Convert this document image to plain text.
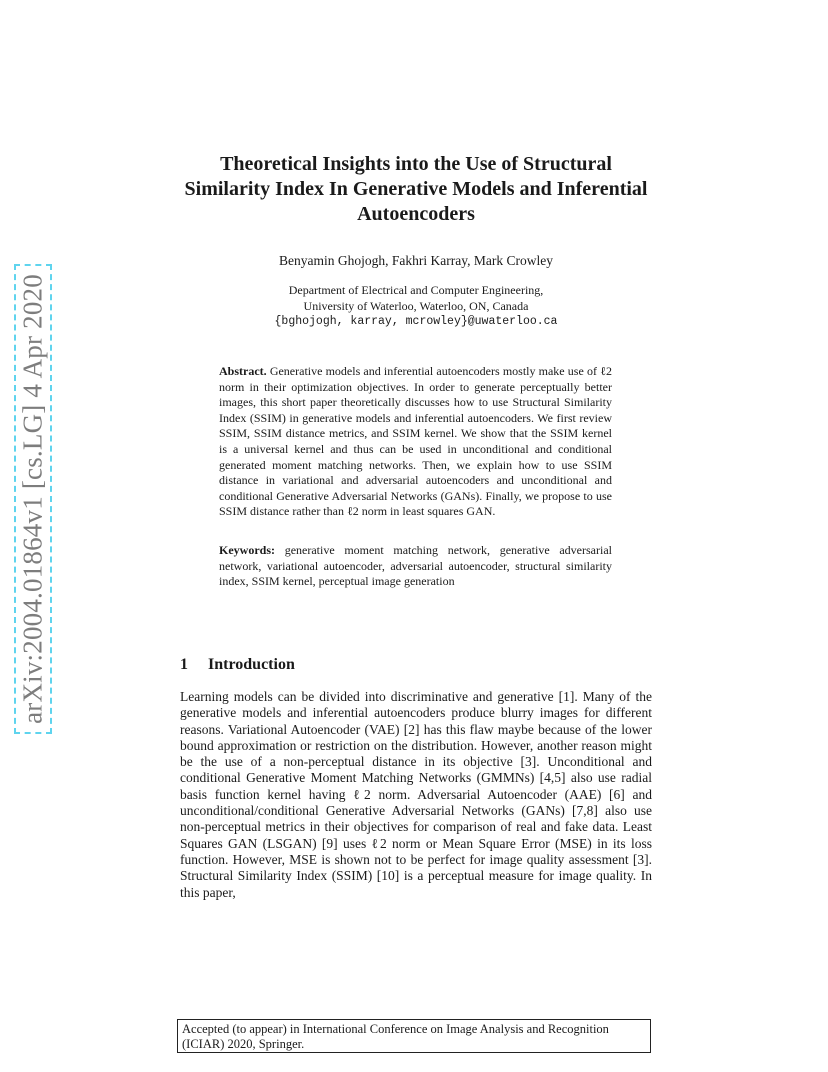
arXiv:2004.01864v1 [cs.LG] 4 Apr 2020
Theoretical Insights into the Use of Structural Similarity Index In Generative Models and Inferential Autoencoders
Benyamin Ghojogh, Fakhri Karray, Mark Crowley
Department of Electrical and Computer Engineering,
University of Waterloo, Waterloo, ON, Canada
{bghojogh, karray, mcrowley}@uwaterloo.ca
Abstract. Generative models and inferential autoencoders mostly make use of ℓ2 norm in their optimization objectives. In order to generate perceptually better images, this short paper theoretically discusses how to use Structural Similarity Index (SSIM) in generative models and inferential autoencoders. We first review SSIM, SSIM distance metrics, and SSIM kernel. We show that the SSIM kernel is a universal kernel and thus can be used in unconditional and conditional generated moment matching networks. Then, we explain how to use SSIM distance in variational and adversarial autoencoders and unconditional and conditional Generative Adversarial Networks (GANs). Finally, we propose to use SSIM distance rather than ℓ2 norm in least squares GAN.
Keywords: generative moment matching network, generative adversarial network, variational autoencoder, adversarial autoencoder, structural similarity index, SSIM kernel, perceptual image generation
1 Introduction

Learning models can be divided into discriminative and generative [1]. Many of the generative models and inferential autoencoders produce blurry images for different reasons. Variational Autoencoder (VAE) [2] has this flaw maybe because of the lower bound approximation or restriction on the distribution. However, another reason might be the use of a non-perceptual distance in its objective [3]. Unconditional and conditional Generative Moment Matching Networks (GMMNs) [4,5] also use radial basis function kernel having ℓ2 norm. Adversarial Autoencoder (AAE) [6] and unconditional/conditional Generative Adversarial Networks (GANs) [7,8] also use non-perceptual metrics in their objectives for comparison of real and fake data. Least Squares GAN (LSGAN) [9] uses ℓ2 norm or Mean Square Error (MSE) in its loss function. However, MSE is shown not to be perfect for image quality assessment [3]. Structural Similarity Index (SSIM) [10] is a perceptual measure for image quality. In this paper,

Accepted (to appear) in International Conference on Image Analysis and Recognition (ICIAR) 2020, Springer.
